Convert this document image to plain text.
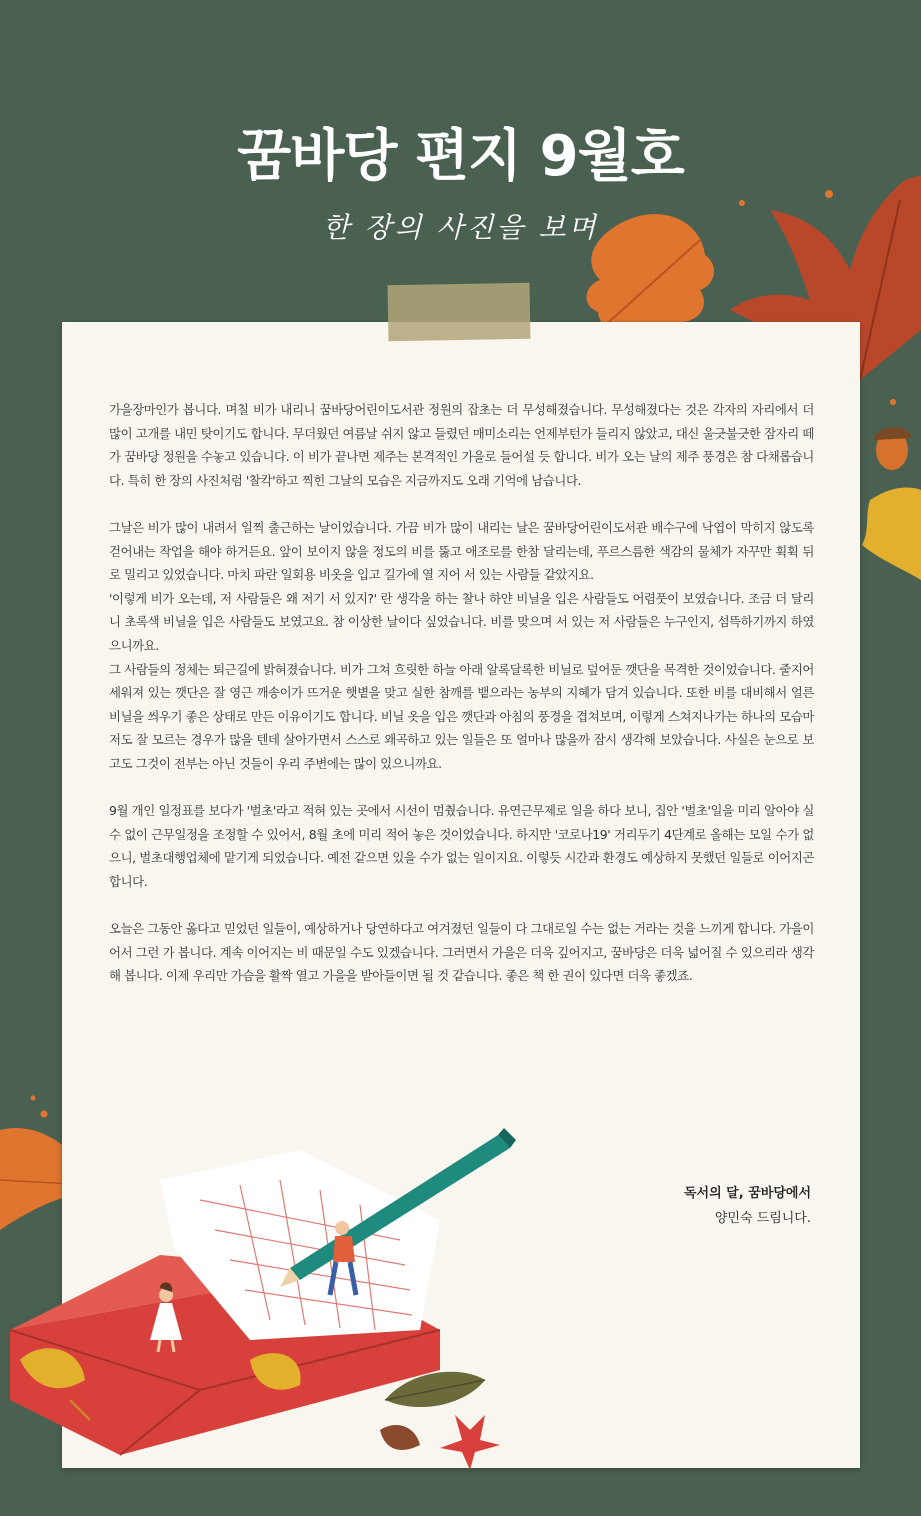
꿈바당 편지 9월호
한 장의 사진을 보며

가을장마인가 봅니다. 며칠 비가 내리니 꿈바당어린이도서관 정원의 잡초는 더 무성해졌습니다. 무성해졌다는 것은 각자의 자리에서 더 많이 고개를 내민 탓이기도 합니다. 무더웠던 여름날 쉬지 않고 들렸던 매미소리는 언제부턴가 들리지 않았고, 대신 울긋불긋한 잠자리 떼가 꿈바당 정원을 수놓고 있습니다. 이 비가 끝나면 제주는 본격적인 가을로 들어설 듯 합니다. 비가 오는 날의 제주 풍경은 참 다채롭습니다. 특히 한 장의 사진처럼 '찰칵'하고 찍힌 그날의 모습은 지금까지도 오래 기억에 남습니다.

그날은 비가 많이 내려서 일찍 출근하는 날이었습니다. 가끔 비가 많이 내리는 날은 꿈바당어린이도서관 배수구에 낙엽이 막히지 않도록 걷어내는 작업을 해야 하거든요. 앞이 보이지 않을 정도의 비를 뚫고 애조로를 한참 달리는데, 푸르스름한 색감의 물체가 자꾸만 휙휙 뒤로 밀리고 있었습니다. 마치 파란 일회용 비옷을 입고 길가에 열 지어 서 있는 사람들 같았지요.

'이렇게 비가 오는데, 저 사람들은 왜 저기 서 있지?' 란 생각을 하는 찰나 하얀 비닐을 입은 사람들도 어렴풋이 보였습니다. 조금 더 달리니 초록색 비닐을 입은 사람들도 보였고요. 참 이상한 날이다 싶었습니다. 비를 맞으며 서 있는 저 사람들은 누구인지, 섬뜩하기까지 하였으니까요.

그 사람들의 정체는 퇴근길에 밝혀졌습니다. 비가 그쳐 흐릿한 하늘 아래 알록달록한 비닐로 덮어둔 깻단을 목격한 것이었습니다. 줄지어 세워져 있는 깻단은 잘 영근 깨송이가 뜨거운 햇볕을 맞고 실한 참깨를 뱉으라는 농부의 지혜가 담겨 있습니다. 또한 비를 대비해서 얼른 비닐을 씌우기 좋은 상태로 만든 이유이기도 합니다. 비닐 옷을 입은 깻단과 아침의 풍경을 겹쳐보며, 이렇게 스쳐지나가는 하나의 모습마저도 잘 모르는 경우가 많을 텐데 살아가면서 스스로 왜곡하고 있는 일들은 또 얼마나 많을까 잠시 생각해 보았습니다. 사실은 눈으로 보고도 그것이 전부는 아닌 것들이 우리 주변에는 많이 있으니까요.

9월 개인 일정표를 보다가 '벌초'라고 적혀 있는 곳에서 시선이 멈췄습니다. 유연근무제로 일을 하다 보니, 집안 '벌초'일을 미리 알아야 실수 없이 근무일정을 조정할 수 있어서, 8월 초에 미리 적어 놓은 것이었습니다. 하지만 '코로나19' 거리두기 4단계로 올해는 모일 수가 없으니, 벌초대행업체에 맡기게 되었습니다. 예전 같으면 있을 수가 없는 일이지요. 이렇듯 시간과 환경도 예상하지 못했던 일들로 이어지곤 합니다.

오늘은 그동안 옳다고 믿었던 일들이, 예상하거나 당연하다고 여겨졌던 일들이 다 그대로일 수는 없는 거라는 것을 느끼게 합니다. 가을이어서 그런 가 봅니다. 계속 이어지는 비 때문일 수도 있겠습니다. 그러면서 가을은 더욱 깊어지고, 꿈바당은 더욱 넓어질 수 있으리라 생각해 봅니다. 이제 우리만 가슴을 활짝 열고 가을을 받아들이면 될 것 같습니다. 좋은 책 한 권이 있다면 더욱 좋겠죠.

독서의 달, 꿈바당에서
양민숙 드림니다.
